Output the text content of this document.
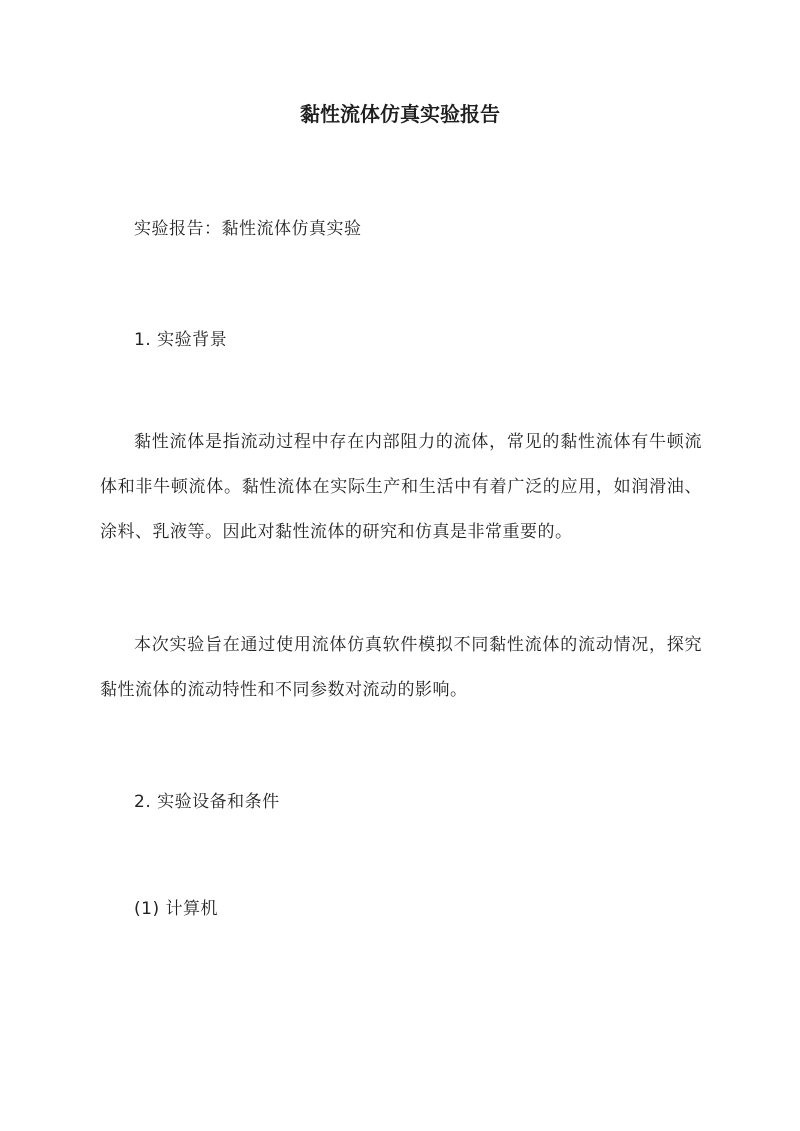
黏性流体仿真实验报告

实验报告：黏性流体仿真实验

1. 实验背景

黏性流体是指流动过程中存在内部阻力的流体，常见的黏性流体有牛顿流体和非牛顿流体。黏性流体在实际生产和生活中有着广泛的应用，如润滑油、涂料、乳液等。因此对黏性流体的研究和仿真是非常重要的。

本次实验旨在通过使用流体仿真软件模拟不同黏性流体的流动情况，探究黏性流体的流动特性和不同参数对流动的影响。

2. 实验设备和条件

(1) 计算机
